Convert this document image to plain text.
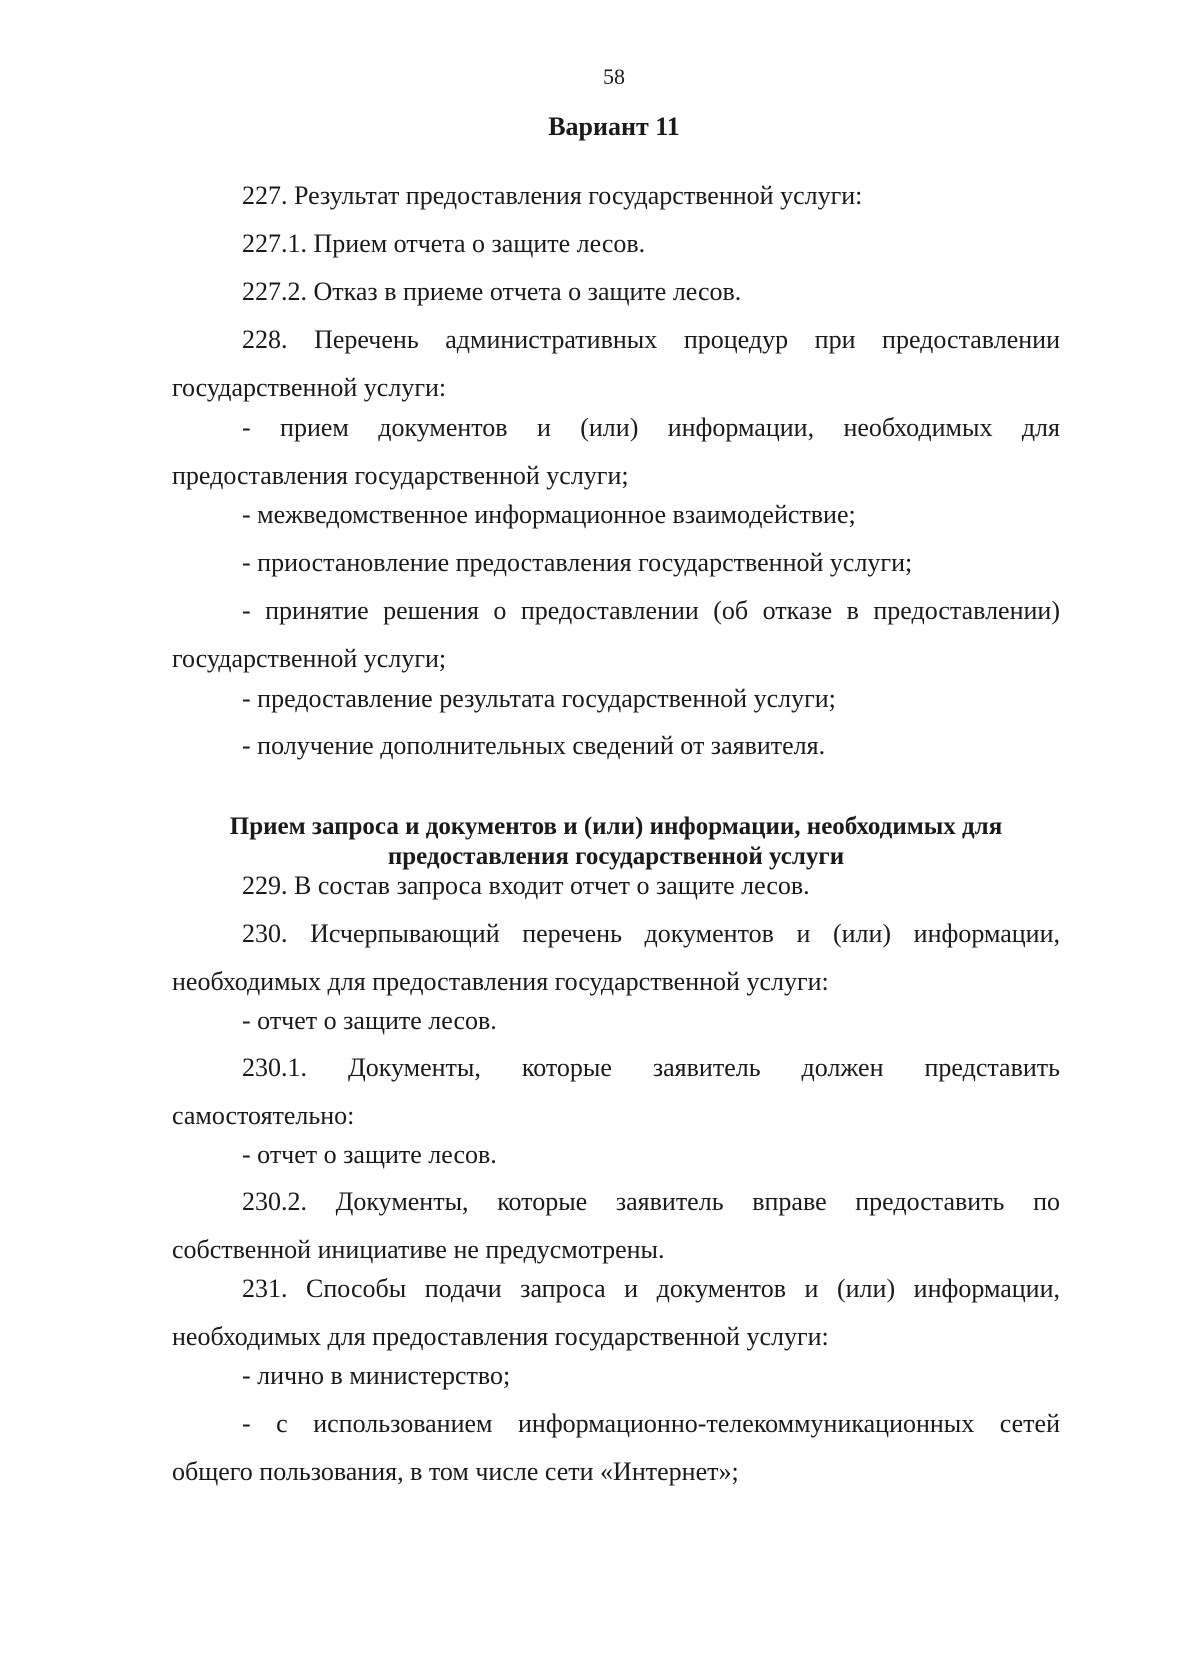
58
Вариант 11
227. Результат предоставления государственной услуги:
227.1. Прием отчета о защите лесов.
227.2. Отказ в приеме отчета о защите лесов.
228. Перечень административных процедур при предоставлении государственной услуги:
- прием документов и (или) информации, необходимых для предоставления государственной услуги;
- межведомственное информационное взаимодействие;
- приостановление предоставления государственной услуги;
- принятие решения о предоставлении (об отказе в предоставлении) государственной услуги;
- предоставление результата государственной услуги;
- получение дополнительных сведений от заявителя.
Прием запроса и документов и (или) информации, необходимых для предоставления государственной услуги
229. В состав запроса входит отчет о защите лесов.
230. Исчерпывающий перечень документов и (или) информации, необходимых для предоставления государственной услуги:
- отчет о защите лесов.
230.1. Документы, которые заявитель должен представить самостоятельно:
- отчет о защите лесов.
230.2. Документы, которые заявитель вправе предоставить по собственной инициативе не предусмотрены.
231. Способы подачи запроса и документов и (или) информации, необходимых для предоставления государственной услуги:
- лично в министерство;
- с использованием информационно-телекоммуникационных сетей общего пользования, в том числе сети «Интернет»;
